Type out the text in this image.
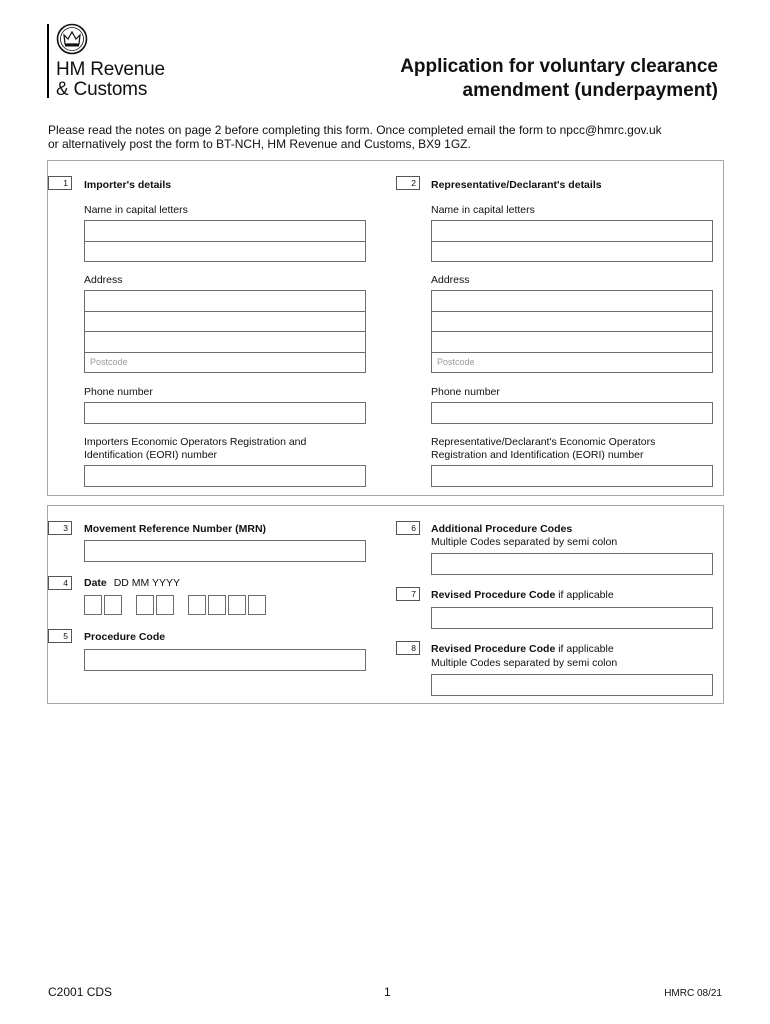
HM Revenue
& Customs
Application for voluntary clearance
amendment (underpayment)
Please read the notes on page 2 before completing this form. Once completed email the form to npcc@hmrc.gov.uk
or alternatively post the form to BT-NCH, HM Revenue and Customs, BX9 1GZ.
1	Importer's details
Name in capital letters
Address
Postcode
Phone number
Importers Economic Operators Registration and
Identification (EORI) number
2	Representative/Declarant's details
Name in capital letters
Address
Postcode
Phone number
Representative/Declarant's Economic Operators
Registration and Identification (EORI) number
3	Movement Reference Number (MRN)
4	Date DD MM YYYY
5	Procedure Code
6	Additional Procedure Codes
Multiple Codes separated by semi colon
7	Revised Procedure Code if applicable
8	Revised Procedure Code if applicable
Multiple Codes separated by semi colon
C2001 CDS	1	HMRC 08/21
